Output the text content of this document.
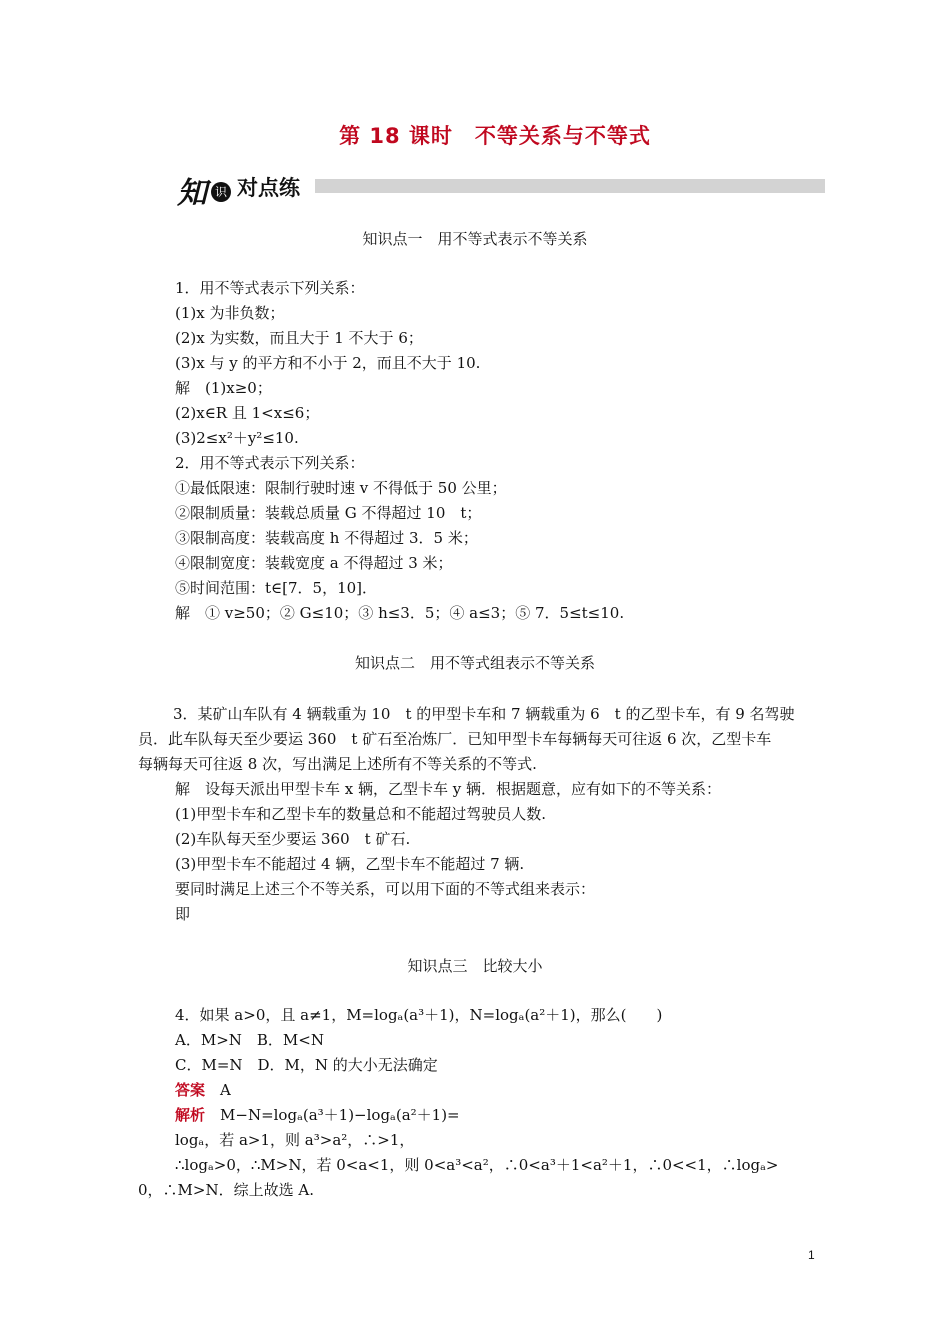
第 18 课时　不等关系与不等式
知 识 对点练
知识点一　用不等式表示不等关系
1．用不等式表示下列关系：
(1)x 为非负数；
(2)x 为实数，而且大于 1 不大于 6；
(3)x 与 y 的平方和不小于 2，而且不大于 10.
解　(1)x≥0；
(2)x∈R 且 1<x≤6；
(3)2≤x²＋y²≤10.
2．用不等式表示下列关系：
①最低限速：限制行驶时速 v 不得低于 50 公里；
②限制质量：装载总质量 G 不得超过 10　t；
③限制高度：装载高度 h 不得超过 3．5 米；
④限制宽度：装载宽度 a 不得超过 3 米；
⑤时间范围：t∈[7．5，10]．
解　① v≥50；② G≤10；③ h≤3．5；④ a≤3；⑤ 7．5≤t≤10.
知识点二　用不等式组表示不等关系
3．某矿山车队有 4 辆载重为 10　t 的甲型卡车和 7 辆载重为 6　t 的乙型卡车，有 9 名驾驶
员．此车队每天至少要运 360　t 矿石至冶炼厂．已知甲型卡车每辆每天可往返 6 次，乙型卡车
每辆每天可往返 8 次，写出满足上述所有不等关系的不等式.
解　设每天派出甲型卡车 x 辆，乙型卡车 y 辆．根据题意，应有如下的不等关系：
(1)甲型卡车和乙型卡车的数量总和不能超过驾驶员人数.
(2)车队每天至少要运 360　t 矿石.
(3)甲型卡车不能超过 4 辆，乙型卡车不能超过 7 辆.
要同时满足上述三个不等关系，可以用下面的不等式组来表示：
即
知识点三　比较大小
4．如果 a>0，且 a≠1，M=logₐ(a³＋1)，N=logₐ(a²＋1)，那么(　　)
A．M>N　B．M<N
C．M=N　D．M，N 的大小无法确定
答案　A
解析　M−N=logₐ(a³＋1)−logₐ(a²＋1)=
logₐ，若 a>1，则 a³>a²，∴>1，
∴logₐ>0，∴M>N，若 0<a<1，则 0<a³<a²，∴0<a³＋1<a²＋1，∴0<<1，∴logₐ>
0，∴M>N．综上故选 A.
1
